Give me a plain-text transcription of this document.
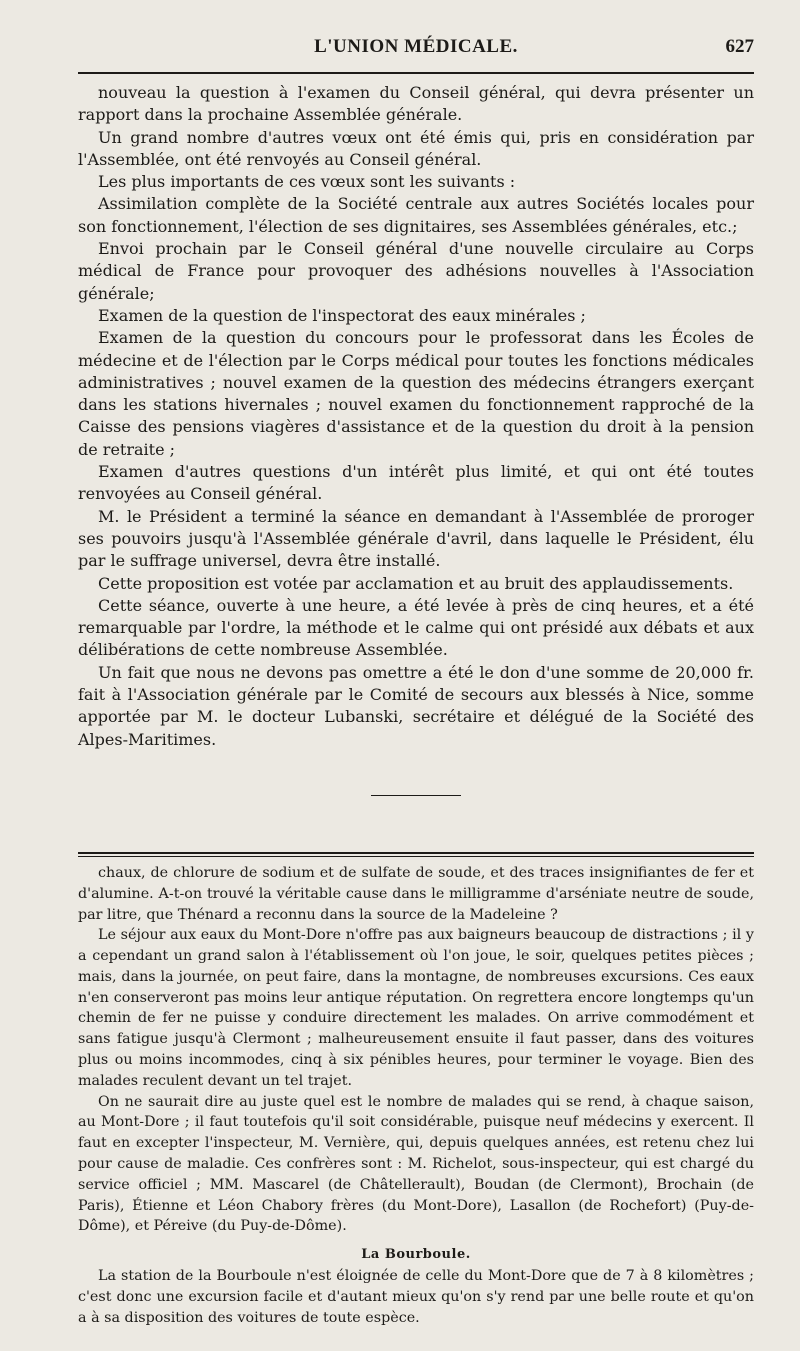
L'UNION MÉDICALE.	627

nouveau la question à l'examen du Conseil général, qui devra présenter un rapport dans la prochaine Assemblée générale.

Un grand nombre d'autres vœux ont été émis qui, pris en considération par l'Assemblée, ont été renvoyés au Conseil général.

Les plus importants de ces vœux sont les suivants :

Assimilation complète de la Société centrale aux autres Sociétés locales pour son fonctionnement, l'élection de ses dignitaires, ses Assemblées générales, etc.;

Envoi prochain par le Conseil général d'une nouvelle circulaire au Corps médical de France pour provoquer des adhésions nouvelles à l'Association générale;

Examen de la question de l'inspectorat des eaux minérales ;

Examen de la question du concours pour le professorat dans les Écoles de médecine et de l'élection par le Corps médical pour toutes les fonctions médicales administratives ; nouvel examen de la question des médecins étrangers exerçant dans les stations hivernales ; nouvel examen du fonctionnement rapproché de la Caisse des pensions viagères d'assistance et de la question du droit à la pension de retraite ;

Examen d'autres questions d'un intérêt plus limité, et qui ont été toutes renvoyées au Conseil général.

M. le Président a terminé la séance en demandant à l'Assemblée de proroger ses pouvoirs jusqu'à l'Assemblée générale d'avril, dans laquelle le Président, élu par le suffrage universel, devra être installé.

Cette proposition est votée par acclamation et au bruit des applaudissements.

Cette séance, ouverte à une heure, a été levée à près de cinq heures, et a été remarquable par l'ordre, la méthode et le calme qui ont présidé aux débats et aux délibérations de cette nombreuse Assemblée.

Un fait que nous ne devons pas omettre a été le don d'une somme de 20,000 fr. fait à l'Association générale par le Comité de secours aux blessés à Nice, somme apportée par M. le docteur Lubanski, secrétaire et délégué de la Société des Alpes-Maritimes.

chaux, de chlorure de sodium et de sulfate de soude, et des traces insignifiantes de fer et d'alumine. A-t-on trouvé la véritable cause dans le milligramme d'arséniate neutre de soude, par litre, que Thénard a reconnu dans la source de la Madeleine ?

Le séjour aux eaux du Mont-Dore n'offre pas aux baigneurs beaucoup de distractions ; il y a cependant un grand salon à l'établissement où l'on joue, le soir, quelques petites pièces ; mais, dans la journée, on peut faire, dans la montagne, de nombreuses excursions. Ces eaux n'en conserveront pas moins leur antique réputation. On regrettera encore longtemps qu'un chemin de fer ne puisse y conduire directement les malades. On arrive commodément et sans fatigue jusqu'à Clermont ; malheureusement ensuite il faut passer, dans des voitures plus ou moins incommodes, cinq à six pénibles heures, pour terminer le voyage. Bien des malades reculent devant un tel trajet.

On ne saurait dire au juste quel est le nombre de malades qui se rend, à chaque saison, au Mont-Dore ; il faut toutefois qu'il soit considérable, puisque neuf médecins y exercent. Il faut en excepter l'inspecteur, M. Vernière, qui, depuis quelques années, est retenu chez lui pour cause de maladie. Ces confrères sont : M. Richelot, sous-inspecteur, qui est chargé du service officiel ; MM. Mascarel (de Châtellerault), Boudan (de Clermont), Brochain (de Paris), Étienne et Léon Chabory frères (du Mont-Dore), Lasallon (de Rochefort) (Puy-de-Dôme), et Péreive (du Puy-de-Dôme).

La Bourboule.

La station de la Bourboule n'est éloignée de celle du Mont-Dore que de 7 à 8 kilomètres ; c'est donc une excursion facile et d'autant mieux qu'on s'y rend par une belle route et qu'on a à sa disposition des voitures de toute espèce.
